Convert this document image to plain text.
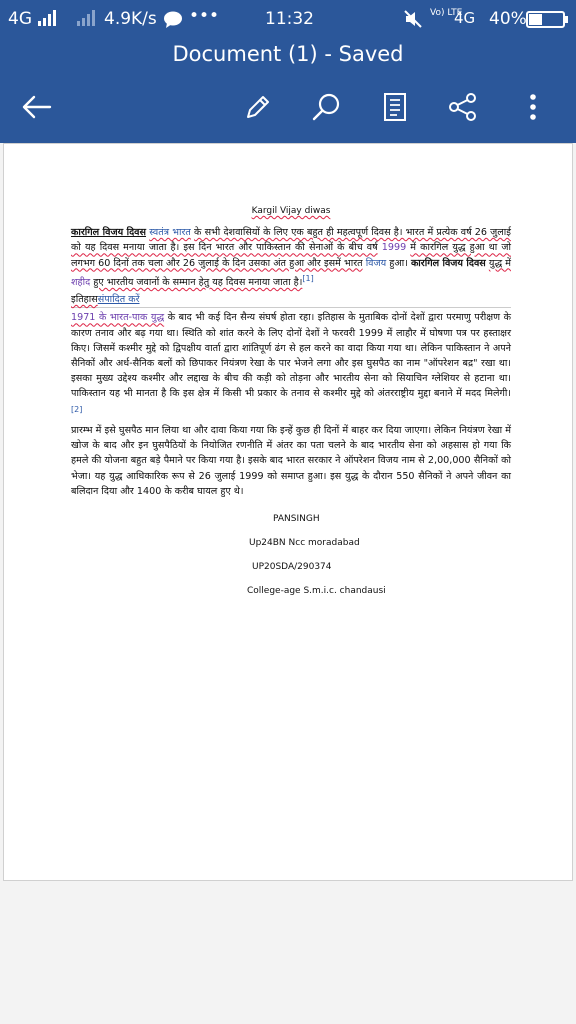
4G	4.9K/s •••	11:32	Vo) LTE
4G 40%
Document (1) - Saved
Kargil Vijay diwas

कारगिल विजय दिवस स्वतंत्र भारत के सभी देशवासियों के लिए एक बहुत ही महत्वपूर्ण दिवस है। भारत में प्रत्येक वर्ष 26 जुलाई को यह दिवस मनाया जाता है। इस दिन भारत और पाकिस्तान की सेनाओं के बीच वर्ष 1999 में कारगिल युद्ध हुआ था जो लगभग 60 दिनों तक चला और 26 जुलाई के दिन उसका अंत हुआ और इसमें भारत विजय हुआ। कारगिल विजय दिवस युद्ध में शहीद हुए भारतीय जवानों के सम्मान हेतु यह दिवस मनाया जाता है।[1]

इतिहाससंपादित करें

1971 के भारत-पाक युद्ध के बाद भी कई दिन सैन्य संघर्ष होता रहा। इतिहास के मुताबिक दोनों देशों द्वारा परमाणु परीक्षण के कारण तनाव और बढ़ गया था। स्थिति को शांत करने के लिए दोनों देशों ने फरवरी 1999 में लाहौर में घोषणा पत्र पर हस्ताक्षर किए। जिसमें कश्मीर मुद्दे को द्विपक्षीय वार्ता द्वारा शांतिपूर्ण ढंग से हल करने का वादा किया गया था। लेकिन पाकिस्तान ने अपने सैनिकों और अर्ध-सैनिक बलों को छिपाकर नियंत्रण रेखा के पार भेजने लगा और इस घुसपैठ का नाम "ऑपरेशन बद्र" रखा था। इसका मुख्य उद्देश्य कश्मीर और लद्दाख के बीच की कड़ी को तोड़ना और भारतीय सेना को सियाचिन ग्लेशियर से हटाना था। पाकिस्तान यह भी मानता है कि इस क्षेत्र में किसी भी प्रकार के तनाव से कश्मीर मुद्दे को अंतरराष्ट्रीय मुद्दा बनाने में मदद मिलेगी।[2]

प्रारम्भ में इसे घुसपैठ मान लिया था और दावा किया गया कि इन्हें कुछ ही दिनों में बाहर कर दिया जाएगा। लेकिन नियंत्रण रेखा में खोज के बाद और इन घुसपैठियों के नियोजित रणनीति में अंतर का पता चलने के बाद भारतीय सेना को अहसास हो गया कि हमले की योजना बहुत बड़े पैमाने पर किया गया है। इसके बाद भारत सरकार ने ऑपरेशन विजय नाम से 2,00,000 सैनिकों को भेजा। यह युद्ध आधिकारिक रूप से 26 जुलाई 1999 को समाप्त हुआ। इस युद्ध के दौरान 550 सैनिकों ने अपने जीवन का बलिदान दिया और 1400 के करीब घायल हुए थे।

PANSINGH
Up24BN Ncc moradabad
UP20SDA/290374
College-age S.m.i.c. chandausi
